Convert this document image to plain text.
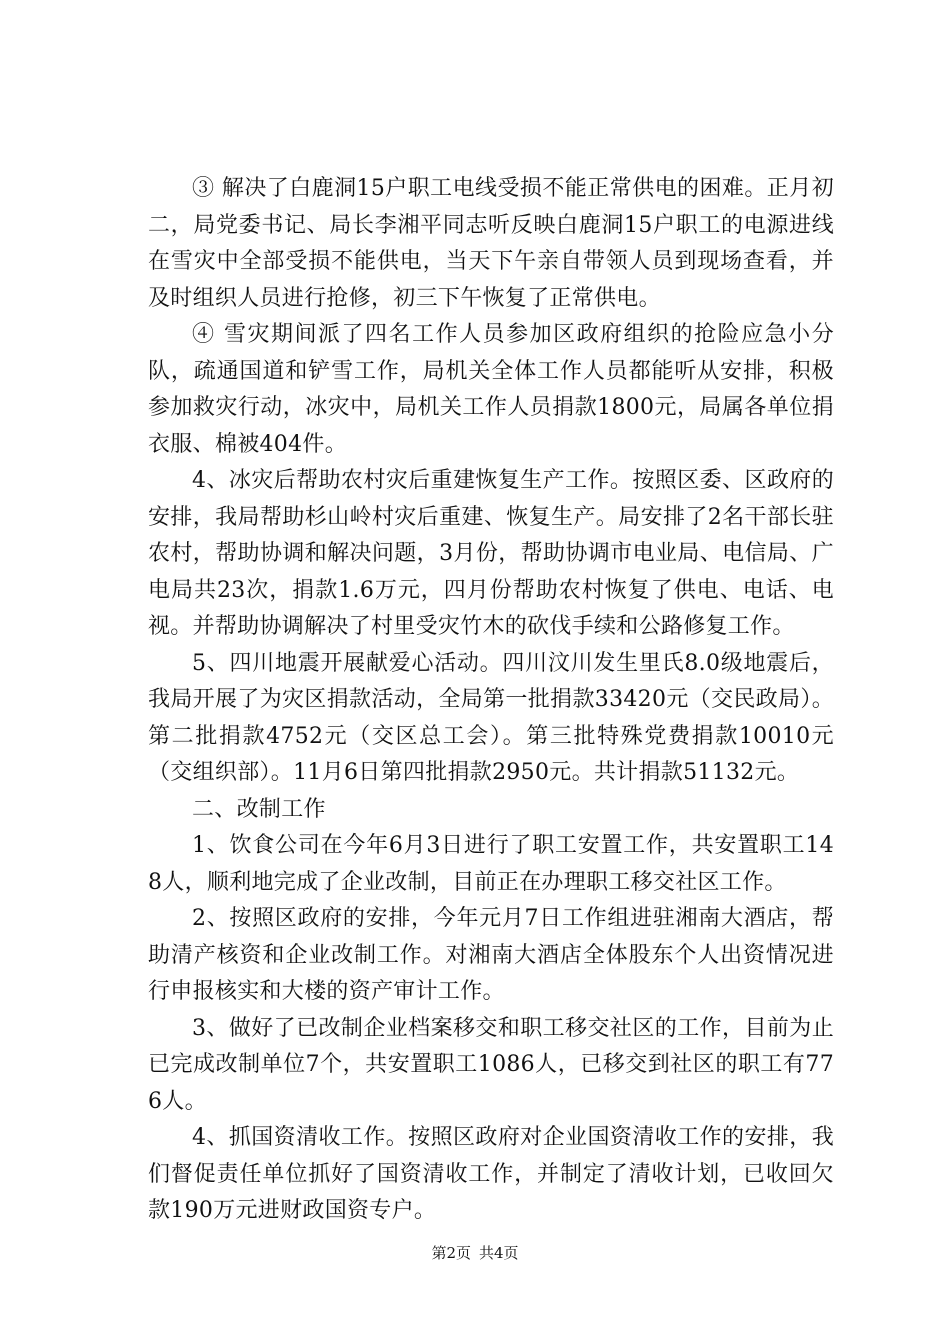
③ 解决了白鹿洞15户职工电线受损不能正常供电的困难。正月初二，局党委书记、局长李湘平同志听反映白鹿洞15户职工的电源进线在雪灾中全部受损不能供电，当天下午亲自带领人员到现场查看，并及时组织人员进行抢修，初三下午恢复了正常供电。

④ 雪灾期间派了四名工作人员参加区政府组织的抢险应急小分队，疏通国道和铲雪工作，局机关全体工作人员都能听从安排，积极参加救灾行动，冰灾中，局机关工作人员捐款1800元，局属各单位捐衣服、棉被404件。

4、冰灾后帮助农村灾后重建恢复生产工作。按照区委、区政府的安排，我局帮助杉山岭村灾后重建、恢复生产。局安排了2名干部长驻农村，帮助协调和解决问题，3月份，帮助协调市电业局、电信局、广电局共23次，捐款1.6万元，四月份帮助农村恢复了供电、电话、电视。并帮助协调解决了村里受灾竹木的砍伐手续和公路修复工作。

5、四川地震开展献爱心活动。四川汶川发生里氏8.0级地震后，我局开展了为灾区捐款活动，全局第一批捐款33420元（交民政局）。第二批捐款4752元（交区总工会）。第三批特殊党费捐款10010元（交组织部）。11月6日第四批捐款2950元。共计捐款51132元。

二、改制工作

1、饮食公司在今年6月3日进行了职工安置工作，共安置职工148人，顺利地完成了企业改制，目前正在办理职工移交社区工作。

2、按照区政府的安排，今年元月7日工作组进驻湘南大酒店，帮助清产核资和企业改制工作。对湘南大酒店全体股东个人出资情况进行申报核实和大楼的资产审计工作。

3、做好了已改制企业档案移交和职工移交社区的工作，目前为止已完成改制单位7个，共安置职工1086人，已移交到社区的职工有776人。

4、抓国资清收工作。按照区政府对企业国资清收工作的安排，我们督促责任单位抓好了国资清收工作，并制定了清收计划，已收回欠款190万元进财政国资专户。

第2页 共4页
